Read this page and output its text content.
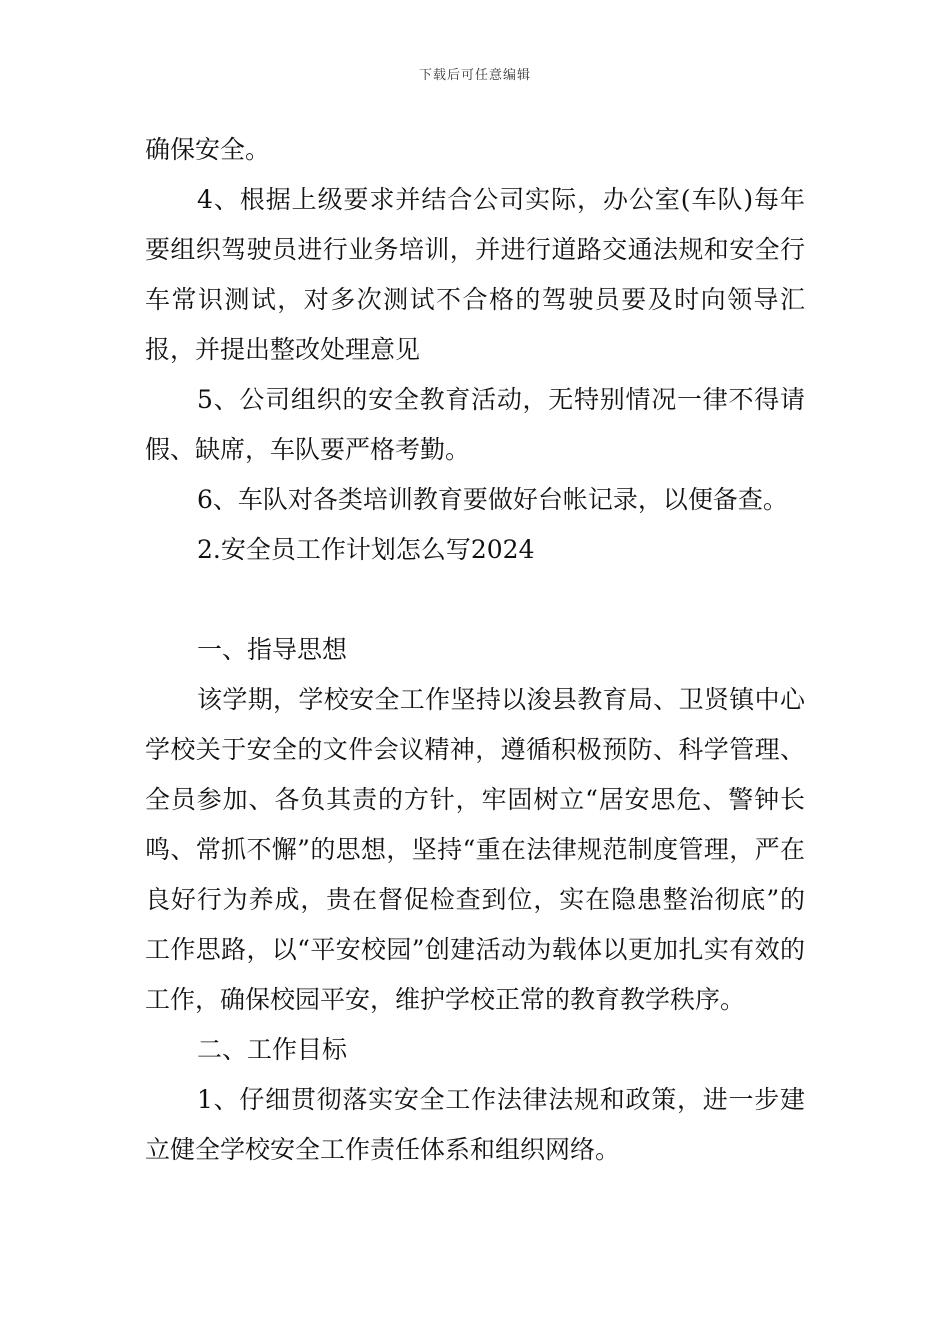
下载后可任意编辑

确保安全。

4、根据上级要求并结合公司实际，办公室(车队)每年要组织驾驶员进行业务培训，并进行道路交通法规和安全行车常识测试，对多次测试不合格的驾驶员要及时向领导汇报，并提出整改处理意见

5、公司组织的安全教育活动，无特别情况一律不得请假、缺席，车队要严格考勤。

6、车队对各类培训教育要做好台帐记录，以便备查。

2.安全员工作计划怎么写2024

一、指导思想

该学期，学校安全工作坚持以浚县教育局、卫贤镇中心学校关于安全的文件会议精神，遵循积极预防、科学管理、全员参加、各负其责的方针，牢固树立“居安思危、警钟长鸣、常抓不懈”的思想，坚持“重在法律规范制度管理，严在良好行为养成，贵在督促检查到位，实在隐患整治彻底”的工作思路，以“平安校园”创建活动为载体以更加扎实有效的工作，确保校园平安，维护学校正常的教育教学秩序。

二、工作目标

1、仔细贯彻落实安全工作法律法规和政策，进一步建立健全学校安全工作责任体系和组织网络。
